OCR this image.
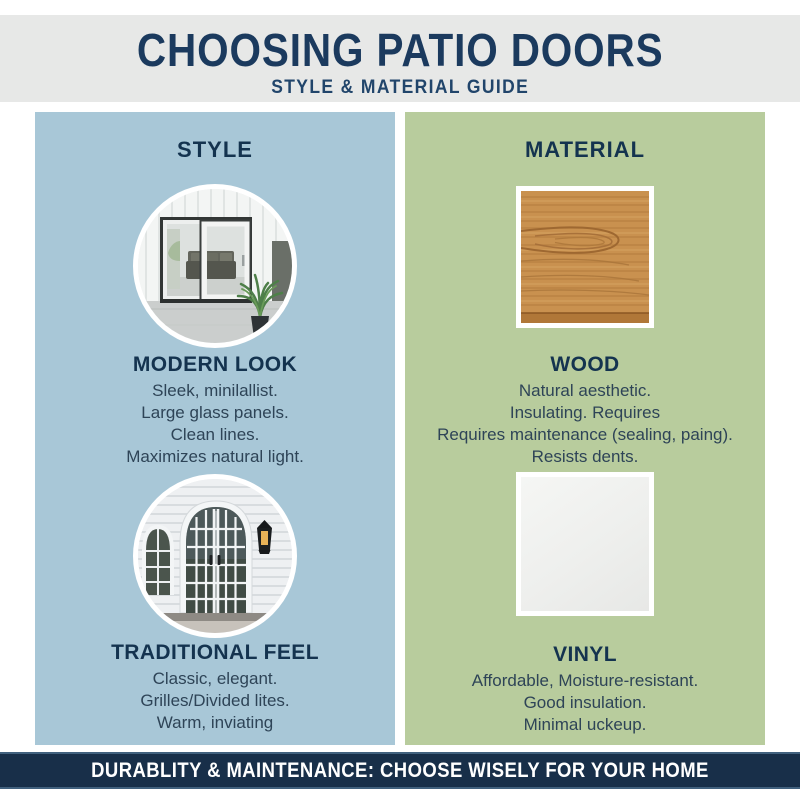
CHOOSING PATIO DOORS
STYLE & MATERIAL GUIDE
STYLE
MODERN LOOK
Sleek, minilallist.
Large glass panels.
Clean lines.
Maximizes natural light.
TRADITIONAL FEEL
Classic, elegant.
Grilles/Divided lites.
Warm, inviating
MATERIAL
WOOD
Natural aesthetic.
Insulating. Requires
Requires maintenance (sealing, paing).
Resists dents.
VINYL
Affordable, Moisture-resistant.
Good insulation.
Minimal uckeup.
DURABLITY & MAINTENANCE: CHOOSE WISELY FOR YOUR HOME
